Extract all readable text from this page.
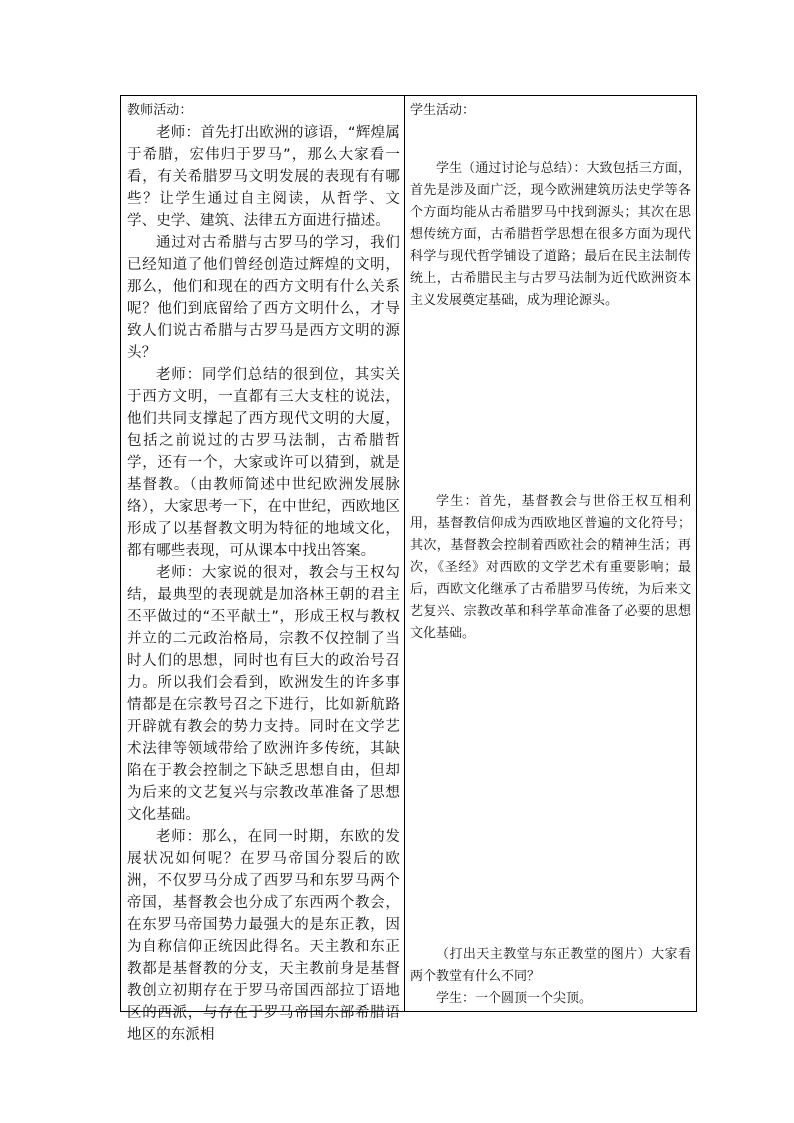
教师活动：

老师：首先打出欧洲的谚语，“辉煌属于希腊，宏伟归于罗马”，那么大家看一看，有关希腊罗马文明发展的表现有有哪些？让学生通过自主阅读，从哲学、文学、史学、建筑、法律五方面进行描述。

通过对古希腊与古罗马的学习，我们已经知道了他们曾经创造过辉煌的文明，那么，他们和现在的西方文明有什么关系呢？他们到底留给了西方文明什么，才导致人们说古希腊与古罗马是西方文明的源头？

老师：同学们总结的很到位，其实关于西方文明，一直都有三大支柱的说法，他们共同支撑起了西方现代文明的大厦，包括之前说过的古罗马法制，古希腊哲学，还有一个，大家或许可以猜到，就是基督教。（由教师简述中世纪欧洲发展脉络），大家思考一下，在中世纪，西欧地区形成了以基督教文明为特征的地域文化，都有哪些表现，可从课本中找出答案。

老师：大家说的很对，教会与王权勾结，最典型的表现就是加洛林王朝的君主丕平做过的“丕平献土”，形成王权与教权并立的二元政治格局，宗教不仅控制了当时人们的思想，同时也有巨大的政治号召力。所以我们会看到，欧洲发生的许多事情都是在宗教号召之下进行，比如新航路开辟就有教会的势力支持。同时在文学艺术法律等领域带给了欧洲许多传统，其缺陷在于教会控制之下缺乏思想自由，但却为后来的文艺复兴与宗教改革准备了思想文化基础。

老师：那么，在同一时期，东欧的发展状况如何呢？在罗马帝国分裂后的欧洲，不仅罗马分成了西罗马和东罗马两个帝国，基督教会也分成了东西两个教会，在东罗马帝国势力最强大的是东正教，因为自称信仰正统因此得名。天主教和东正教都是基督教的分支，天主教前身是基督教创立初期存在于罗马帝国西部拉丁语地区的西派，与存在于罗马帝国东部希腊语地区的东派相

学生活动：

学生（通过讨论与总结）：大致包括三方面，首先是涉及面广泛，现今欧洲建筑历法史学等各个方面均能从古希腊罗马中找到源头；其次在思想传统方面，古希腊哲学思想在很多方面为现代科学与现代哲学铺设了道路；最后在民主法制传统上，古希腊民主与古罗马法制为近代欧洲资本主义发展奠定基础，成为理论源头。

学生：首先，基督教会与世俗王权互相利用，基督教信仰成为西欧地区普遍的文化符号；其次，基督教会控制着西欧社会的精神生活；再次，《圣经》对西欧的文学艺术有重要影响；最后，西欧文化继承了古希腊罗马传统，为后来文艺复兴、宗教改革和科学革命准备了必要的思想文化基础。

（打出天主教堂与东正教堂的图片）大家看两个教堂有什么不同？

学生：一个圆顶一个尖顶。
